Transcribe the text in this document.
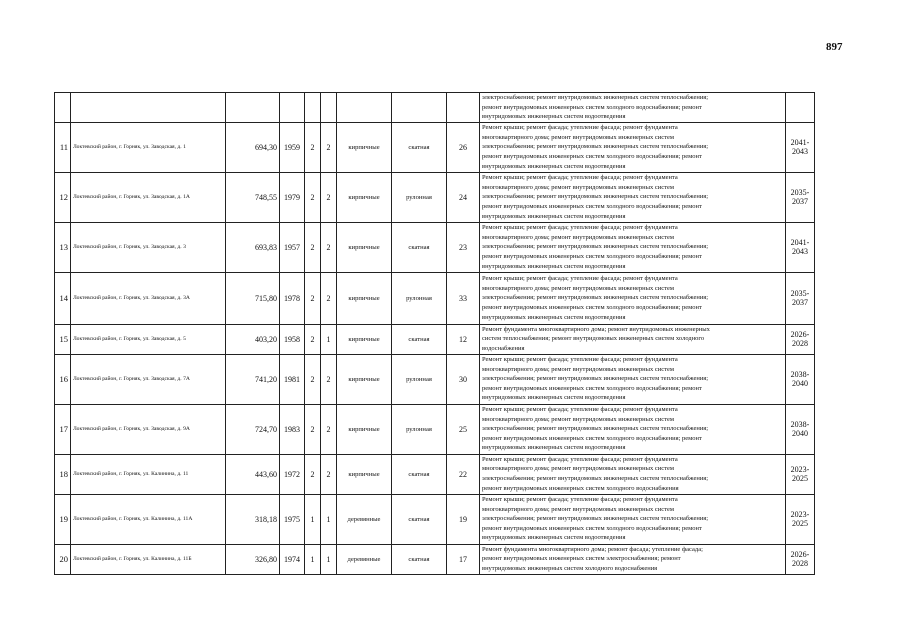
897

									электроснабжения; ремонт внутридомовых инженерных систем теплоснабжения;
ремонт внутридомовых инженерных систем холодного водоснабжения; ремонт
внутридомовых инженерных систем водоотведения	

11	Локтевский район, г. Горняк, ул. Заводская, д. 1	694,30	1959	2	2	кирпичные	скатная	26	Ремонт крыши; ремонт фасада; утепление фасада; ремонт фундамента
многоквартирного дома; ремонт внутридомовых инженерных систем
электроснабжения; ремонт внутридомовых инженерных систем теплоснабжения;
ремонт внутридомовых инженерных систем холодного водоснабжения; ремонт
внутридомовых инженерных систем водоотведения	2041-2043
12	Локтевский район, г. Горняк, ул. Заводская, д. 1А	748,55	1979	2	2	кирпичные	рулонная	24	Ремонт крыши; ремонт фасада; утепление фасада; ремонт фундамента
многоквартирного дома; ремонт внутридомовых инженерных систем
электроснабжения; ремонт внутридомовых инженерных систем теплоснабжения;
ремонт внутридомовых инженерных систем холодного водоснабжения; ремонт
внутридомовых инженерных систем водоотведения	2035-2037
13	Локтевский район, г. Горняк, ул. Заводская, д. 3	693,83	1957	2	2	кирпичные	скатная	23	Ремонт крыши; ремонт фасада; утепление фасада; ремонт фундамента
многоквартирного дома; ремонт внутридомовых инженерных систем
электроснабжения; ремонт внутридомовых инженерных систем теплоснабжения;
ремонт внутридомовых инженерных систем холодного водоснабжения; ремонт
внутридомовых инженерных систем водоотведения	2041-2043
14	Локтевский район, г. Горняк, ул. Заводская, д. 3А	715,80	1978	2	2	кирпичные	рулонная	33	Ремонт крыши; ремонт фасада; утепление фасада; ремонт фундамента
многоквартирного дома; ремонт внутридомовых инженерных систем
электроснабжения; ремонт внутридомовых инженерных систем теплоснабжения;
ремонт внутридомовых инженерных систем холодного водоснабжения; ремонт
внутридомовых инженерных систем водоотведения	2035-2037
15	Локтевский район, г. Горняк, ул. Заводская, д. 5	403,20	1958	2	1	кирпичные	скатная	12	Ремонт фундамента многоквартирного дома; ремонт внутридомовых инженерных
систем теплоснабжения; ремонт внутридомовых инженерных систем холодного
водоснабжения	2026-2028
16	Локтевский район, г. Горняк, ул. Заводская, д. 7А	741,20	1981	2	2	кирпичные	рулонная	30	Ремонт крыши; ремонт фасада; утепление фасада; ремонт фундамента
многоквартирного дома; ремонт внутридомовых инженерных систем
электроснабжения; ремонт внутридомовых инженерных систем теплоснабжения;
ремонт внутридомовых инженерных систем холодного водоснабжения; ремонт
внутридомовых инженерных систем водоотведения	2038-2040
17	Локтевский район, г. Горняк, ул. Заводская, д. 9А	724,70	1983	2	2	кирпичные	рулонная	25	Ремонт крыши; ремонт фасада; утепление фасада; ремонт фундамента
многоквартирного дома; ремонт внутридомовых инженерных систем
электроснабжения; ремонт внутридомовых инженерных систем теплоснабжения;
ремонт внутридомовых инженерных систем холодного водоснабжения; ремонт
внутридомовых инженерных систем водоотведения	2038-2040
18	Локтевский район, г. Горняк, ул. Калинина, д. 11	443,60	1972	2	2	кирпичные	скатная	22	Ремонт крыши; ремонт фасада; утепление фасада; ремонт фундамента
многоквартирного дома; ремонт внутридомовых инженерных систем
электроснабжения; ремонт внутридомовых инженерных систем теплоснабжения;
ремонт внутридомовых инженерных систем холодного водоснабжения	2023-2025
19	Локтевский район, г. Горняк, ул. Калинина, д. 11А	318,18	1975	1	1	деревянные	скатная	19	Ремонт крыши; ремонт фасада; утепление фасада; ремонт фундамента
многоквартирного дома; ремонт внутридомовых инженерных систем
электроснабжения; ремонт внутридомовых инженерных систем теплоснабжения;
ремонт внутридомовых инженерных систем холодного водоснабжения; ремонт
внутридомовых инженерных систем водоотведения	2023-2025
20	Локтевский район, г. Горняк, ул. Калинина, д. 11Б	326,80	1974	1	1	деревянные	скатная	17	Ремонт фундамента многоквартирного дома; ремонт фасада; утепление фасада;
ремонт внутридомовых инженерных систем электроснабжения; ремонт
внутридомовых инженерных систем холодного водоснабжения	2026-2028
